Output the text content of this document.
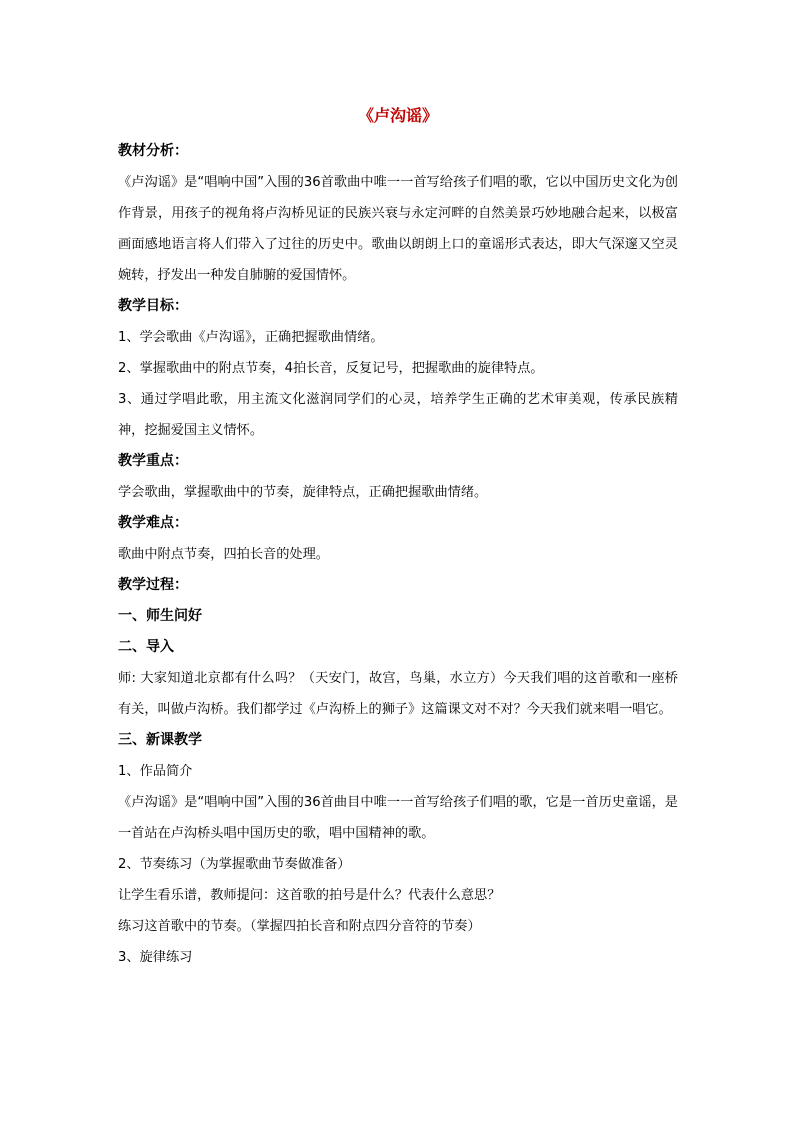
《卢沟谣》

教材分析：

《卢沟谣》是“唱响中国”入围的36首歌曲中唯一一首写给孩子们唱的歌，它以中国历史文化为创作背景，用孩子的视角将卢沟桥见证的民族兴衰与永定河畔的自然美景巧妙地融合起来，以极富画面感地语言将人们带入了过往的历史中。歌曲以朗朗上口的童谣形式表达，即大气深邃又空灵婉转，抒发出一种发自肺腑的爱国情怀。

教学目标：

1、学会歌曲《卢沟谣》，正确把握歌曲情绪。

2、掌握歌曲中的附点节奏，4拍长音，反复记号，把握歌曲的旋律特点。

3、通过学唱此歌，用主流文化滋润同学们的心灵，培养学生正确的艺术审美观，传承民族精神，挖掘爱国主义情怀。

教学重点：

学会歌曲，掌握歌曲中的节奏，旋律特点，正确把握歌曲情绪。

教学难点：

歌曲中附点节奏，四拍长音的处理。

教学过程：

一、师生问好

二、导入

师: 大家知道北京都有什么吗？（天安门，故宫，鸟巢，水立方）今天我们唱的这首歌和一座桥有关，叫做卢沟桥。我们都学过《卢沟桥上的狮子》这篇课文对不对？今天我们就来唱一唱它。

三、新课教学

1、作品简介

《卢沟谣》是“唱响中国”入围的36首曲目中唯一一首写给孩子们唱的歌，它是一首历史童谣，是一首站在卢沟桥头唱中国历史的歌，唱中国精神的歌。

2、节奏练习（为掌握歌曲节奏做准备）

让学生看乐谱，教师提问：这首歌的拍号是什么？代表什么意思？

练习这首歌中的节奏。（掌握四拍长音和附点四分音符的节奏）

3、旋律练习
